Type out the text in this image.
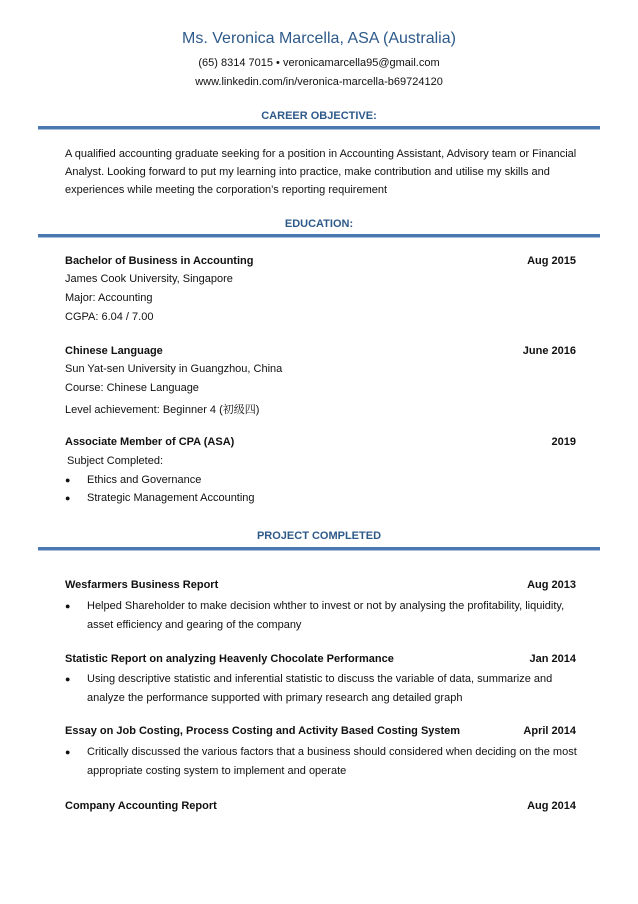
Ms. Veronica Marcella, ASA (Australia)
(65) 8314 7015 • veronicamarcella95@gmail.com
www.linkedin.com/in/veronica-marcella-b69724120
CAREER OBJECTIVE:
A qualified accounting graduate seeking for a position in Accounting Assistant, Advisory team or Financial Analyst. Looking forward to put my learning into practice, make contribution and utilise my skills and experiences while meeting the corporation’s reporting requirement
EDUCATION:
Bachelor of Business in Accounting	Aug 2015
James Cook University, Singapore
Major: Accounting
CGPA: 6.04 / 7.00
Chinese Language	June 2016
Sun Yat-sen University in Guangzhou, China
Course: Chinese Language
Level achievement: Beginner 4 (初级四)
Associate Member of CPA (ASA)	2019
Subject Completed:
●	Ethics and Governance
●	Strategic Management Accounting
PROJECT COMPLETED
Wesfarmers Business Report	Aug 2013
●	Helped Shareholder to make decision whther to invest or not by analysing the profitability, liquidity, asset efficiency and gearing of the company
Statistic Report on analyzing Heavenly Chocolate Performance	Jan 2014
●	Using descriptive statistic and inferential statistic to discuss the variable of data, summarize and analyze the performance supported with primary research ang detailed graph
Essay on Job Costing, Process Costing and Activity Based Costing System	April 2014
●	Critically discussed the various factors that a business should considered when deciding on the most appropriate costing system to implement and operate
Company Accounting Report	Aug 2014
